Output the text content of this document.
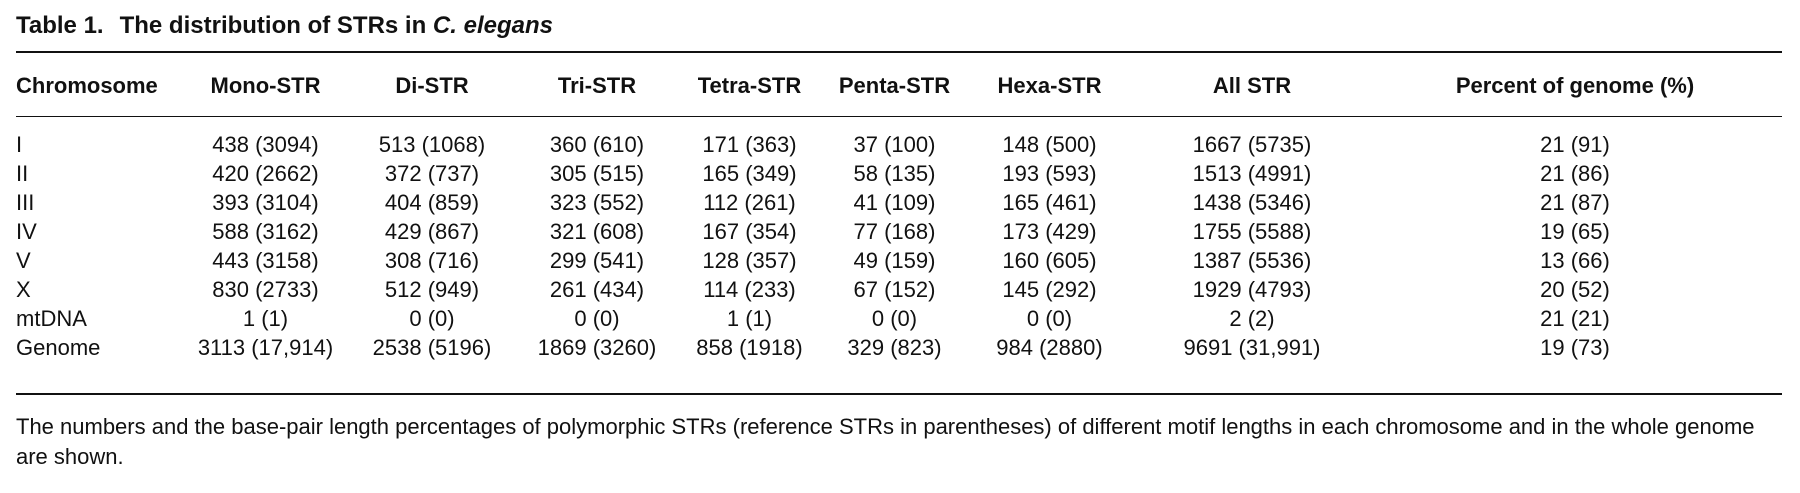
Table 1. The distribution of STRs in C. elegans
Chromosome	Mono-STR	Di-STR	Tri-STR	Tetra-STR	Penta-STR	Hexa-STR	All STR	Percent of genome (%)

I	438 (3094)	513 (1068)	360 (610)	171 (363)	37 (100)	148 (500)	1667 (5735)	21 (91)
II	420 (2662)	372 (737)	305 (515)	165 (349)	58 (135)	193 (593)	1513 (4991)	21 (86)
III	393 (3104)	404 (859)	323 (552)	112 (261)	41 (109)	165 (461)	1438 (5346)	21 (87)
IV	588 (3162)	429 (867)	321 (608)	167 (354)	77 (168)	173 (429)	1755 (5588)	19 (65)
V	443 (3158)	308 (716)	299 (541)	128 (357)	49 (159)	160 (605)	1387 (5536)	13 (66)
X	830 (2733)	512 (949)	261 (434)	114 (233)	67 (152)	145 (292)	1929 (4793)	20 (52)
mtDNA	1 (1)	0 (0)	0 (0)	1 (1)	0 (0)	0 (0)	2 (2)	21 (21)
Genome	3113 (17,914)	2538 (5196)	1869 (3260)	858 (1918)	329 (823)	984 (2880)	9691 (31,991)	19 (73)
The numbers and the base-pair length percentages of polymorphic STRs (reference STRs in parentheses) of different motif lengths in each chromosome and in the whole genome are shown.
